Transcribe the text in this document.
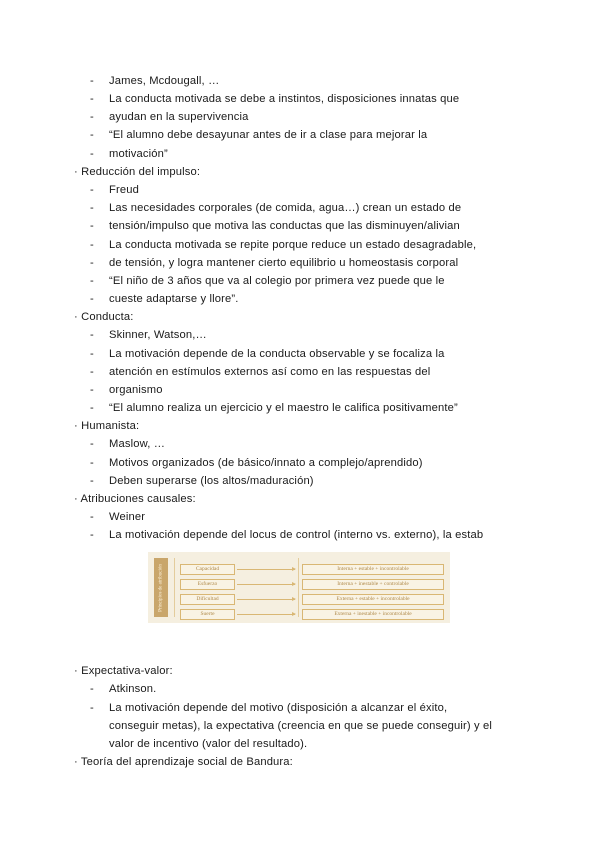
- James, Mcdougall, …
- La conducta motivada se debe a instintos, disposiciones innatas que
- ayudan en la supervivencia
- “El alumno debe desayunar antes de ir a clase para mejorar la
- motivación”
· Reducción del impulso:
- Freud
- Las necesidades corporales (de comida, agua…) crean un estado de
- tensión/impulso que motiva las conductas que las disminuyen/alivian
- La conducta motivada se repite porque reduce un estado desagradable,
- de tensión, y logra mantener cierto equilibrio u homeostasis corporal
- “El niño de 3 años que va al colegio por primera vez puede que le
- cueste adaptarse y llore”.
· Conducta:
- Skinner, Watson,…
- La motivación depende de la conducta observable y se focaliza la
- atención en estímulos externos así como en las respuestas del
- organismo
- “El alumno realiza un ejercicio y el maestro le califica positivamente”
· Humanista:
- Maslow, …
- Motivos organizados (de básico/innato a complejo/aprendido)
- Deben superarse (los altos/maduración)
· Atribuciones causales:
- Weiner
- La motivación depende del locus de control (interno vs. externo), la estab
Principios de atribución	Capacidad
Esfuerzo
Dificultad
Interna + estable + incontrolable
Interna + inestable + controlable
Externa + estable + incontrolable
Suerte	Externa + inestable + incontrolable
· Expectativa-valor:
- Atkinson.
- La motivación depende del motivo (disposición a alcanzar el éxito,
conseguir metas), la expectativa (creencia en que se puede conseguir) y el
valor de incentivo (valor del resultado).
· Teoría del aprendizaje social de Bandura:
